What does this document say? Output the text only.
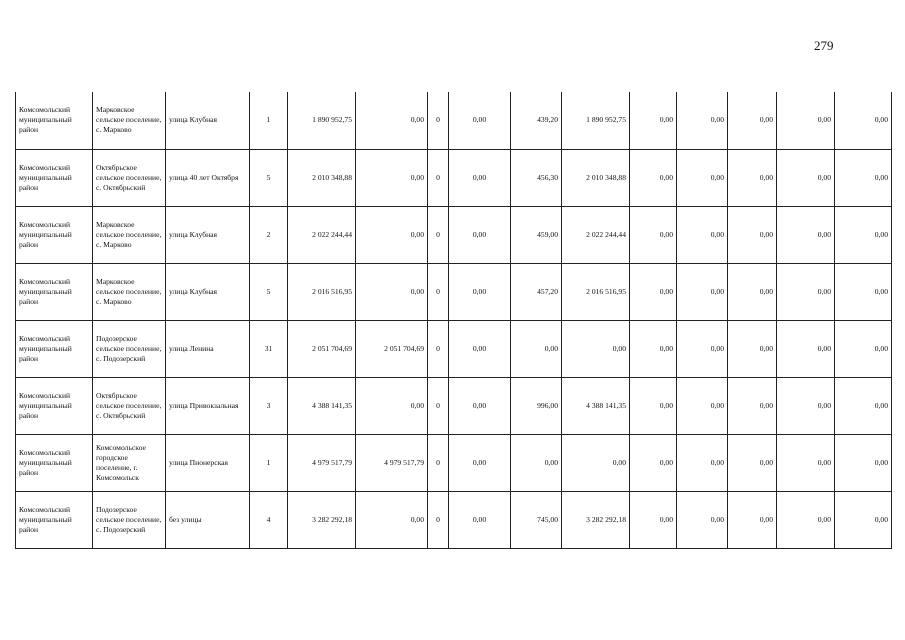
279
Комсомольский муниципальный район	Марковское сельское поселение, с. Марково	улица Клубная	1	1 890 952,75	0,00	0	0,00	439,20	1 890 952,75	0,00	0,00	0,00	0,00	0,00
Комсомольский муниципальный район	Октябрьское сельское поселение, с. Октябрьский	улица 40 лет Октября	5	2 010 348,88	0,00	0	0,00	456,30	2 010 348,88	0,00	0,00	0,00	0,00	0,00
Комсомольский муниципальный район	Марковское сельское поселение, с. Марково	улица Клубная	2	2 022 244,44	0,00	0	0,00	459,00	2 022 244,44	0,00	0,00	0,00	0,00	0,00
Комсомольский муниципальный район	Марковское сельское поселение, с. Марково	улица Клубная	5	2 016 516,95	0,00	0	0,00	457,20	2 016 516,95	0,00	0,00	0,00	0,00	0,00
Комсомольский муниципальный район	Подозерское сельское поселение, с. Подозерский	улица Ленина	31	2 051 704,69	2 051 704,69	0	0,00	0,00	0,00	0,00	0,00	0,00	0,00	0,00
Комсомольский муниципальный район	Октябрьское сельское поселение, с. Октябрьский	улица Привокзальная	3	4 388 141,35	0,00	0	0,00	996,00	4 388 141,35	0,00	0,00	0,00	0,00	0,00
Комсомольский муниципальный район	Комсомольское городское поселение, г. Комсомольск	улица Пионерская	1	4 979 517,79	4 979 517,79	0	0,00	0,00	0,00	0,00	0,00	0,00	0,00	0,00
Комсомольский муниципальный район	Подозерское сельское поселение, с. Подозерский	без улицы	4	3 282 292,18	0,00	0	0,00	745,00	3 282 292,18	0,00	0,00	0,00	0,00	0,00
